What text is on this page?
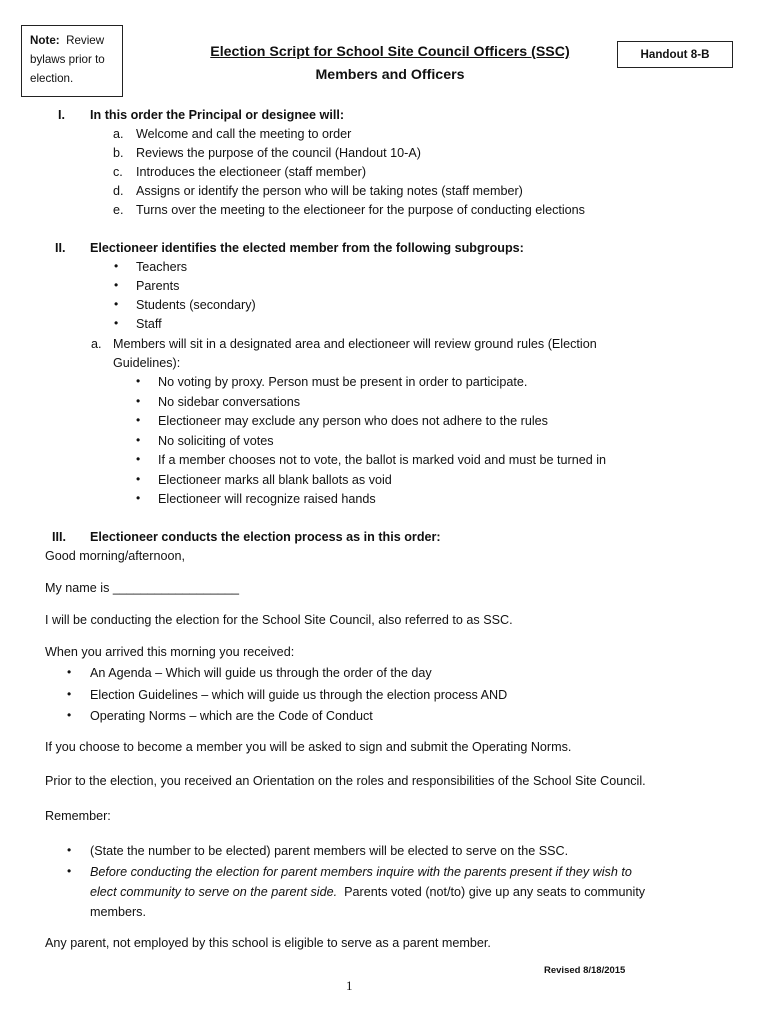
Note: Review
bylaws prior to
election.
Handout 8-B
Election Script for School Site Council Officers (SSC)
Members and Officers
I. In this order the Principal or designee will:
a. Welcome and call the meeting to order
b. Reviews the purpose of the council (Handout 10-A)
c. Introduces the electioneer (staff member)
d. Assigns or identify the person who will be taking notes (staff member)
e. Turns over the meeting to the electioneer for the purpose of conducting elections
II. Electioneer identifies the elected member from the following subgroups:
• Teachers
• Parents
• Students (secondary)
• Staff
a. Members will sit in a designated area and electioneer will review ground rules (Election
Guidelines):
• No voting by proxy. Person must be present in order to participate.
• No sidebar conversations
• Electioneer may exclude any person who does not adhere to the rules
• No soliciting of votes
• If a member chooses not to vote, the ballot is marked void and must be turned in
• Electioneer marks all blank ballots as void
• Electioneer will recognize raised hands
III. Electioneer conducts the election process as in this order:
Good morning/afternoon,
My name is __________________
I will be conducting the election for the School Site Council, also referred to as SSC.
When you arrived this morning you received:
• An Agenda – Which will guide us through the order of the day
• Election Guidelines – which will guide us through the election process AND
• Operating Norms – which are the Code of Conduct
If you choose to become a member you will be asked to sign and submit the Operating Norms.
Prior to the election, you received an Orientation on the roles and responsibilities of the School Site Council.
Remember:
• (State the number to be elected) parent members will be elected to serve on the SSC.
• Before conducting the election for parent members inquire with the parents present if they wish to
elect community to serve on the parent side.  Parents voted (not/to) give up any seats to community
members.
Any parent, not employed by this school is eligible to serve as a parent member.
Revised 8/18/2015
1
